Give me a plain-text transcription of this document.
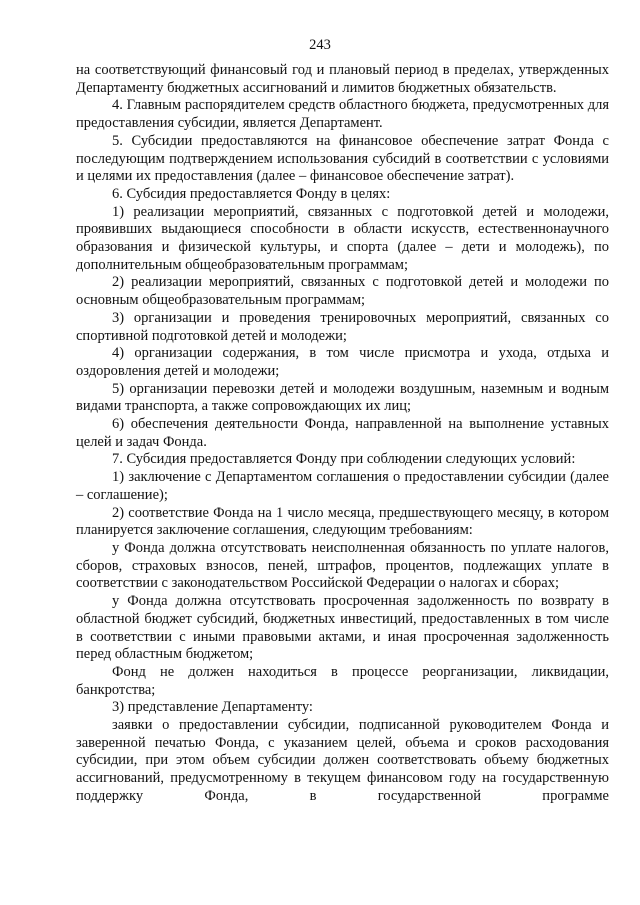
243

на соответствующий финансовый год и плановый период в пределах, утвержденных Департаменту бюджетных ассигнований и лимитов бюджетных обязательств.

4. Главным распорядителем средств областного бюджета, предусмотренных для предоставления субсидии, является Департамент.

5. Субсидии предоставляются на финансовое обеспечение затрат Фонда с последующим подтверждением использования субсидий в соответствии с условиями и целями их предоставления (далее – финансовое обеспечение затрат).

6. Субсидия предоставляется Фонду в целях:

1) реализации мероприятий, связанных с подготовкой детей и молодежи, проявивших выдающиеся способности в области искусств, естественнонаучного образования и физической культуры, и спорта (далее – дети и молодежь), по дополнительным общеобразовательным программам;

2) реализации мероприятий, связанных с подготовкой детей и молодежи по основным общеобразовательным программам;

3) организации и проведения тренировочных мероприятий, связанных со спортивной подготовкой детей и молодежи;

4) организации содержания, в том числе присмотра и ухода, отдыха и оздоровления детей и молодежи;

5) организации перевозки детей и молодежи воздушным, наземным и водным видами транспорта, а также сопровождающих их лиц;

6) обеспечения деятельности Фонда, направленной на выполнение уставных целей и задач Фонда.

7. Субсидия предоставляется Фонду при соблюдении следующих условий:

1) заключение с Департаментом соглашения о предоставлении субсидии (далее – соглашение);

2) соответствие Фонда на 1 число месяца, предшествующего месяцу, в котором планируется заключение соглашения, следующим требованиям:

у Фонда должна отсутствовать неисполненная обязанность по уплате налогов, сборов, страховых взносов, пеней, штрафов, процентов, подлежащих уплате в соответствии с законодательством Российской Федерации о налогах и сборах;

у Фонда должна отсутствовать просроченная задолженность по возврату в областной бюджет субсидий, бюджетных инвестиций, предоставленных в том числе в соответствии с иными правовыми актами, и иная просроченная задолженность перед областным бюджетом;

Фонд не должен находиться в процессе реорганизации, ликвидации, банкротства;

3) представление Департаменту:

заявки о предоставлении субсидии, подписанной руководителем Фонда и заверенной печатью Фонда, с указанием целей, объема и сроков расходования субсидии, при этом объем субсидии должен соответствовать объему бюджетных ассигнований, предусмотренному в текущем финансовом году на государственную поддержку Фонда, в государственной программе
